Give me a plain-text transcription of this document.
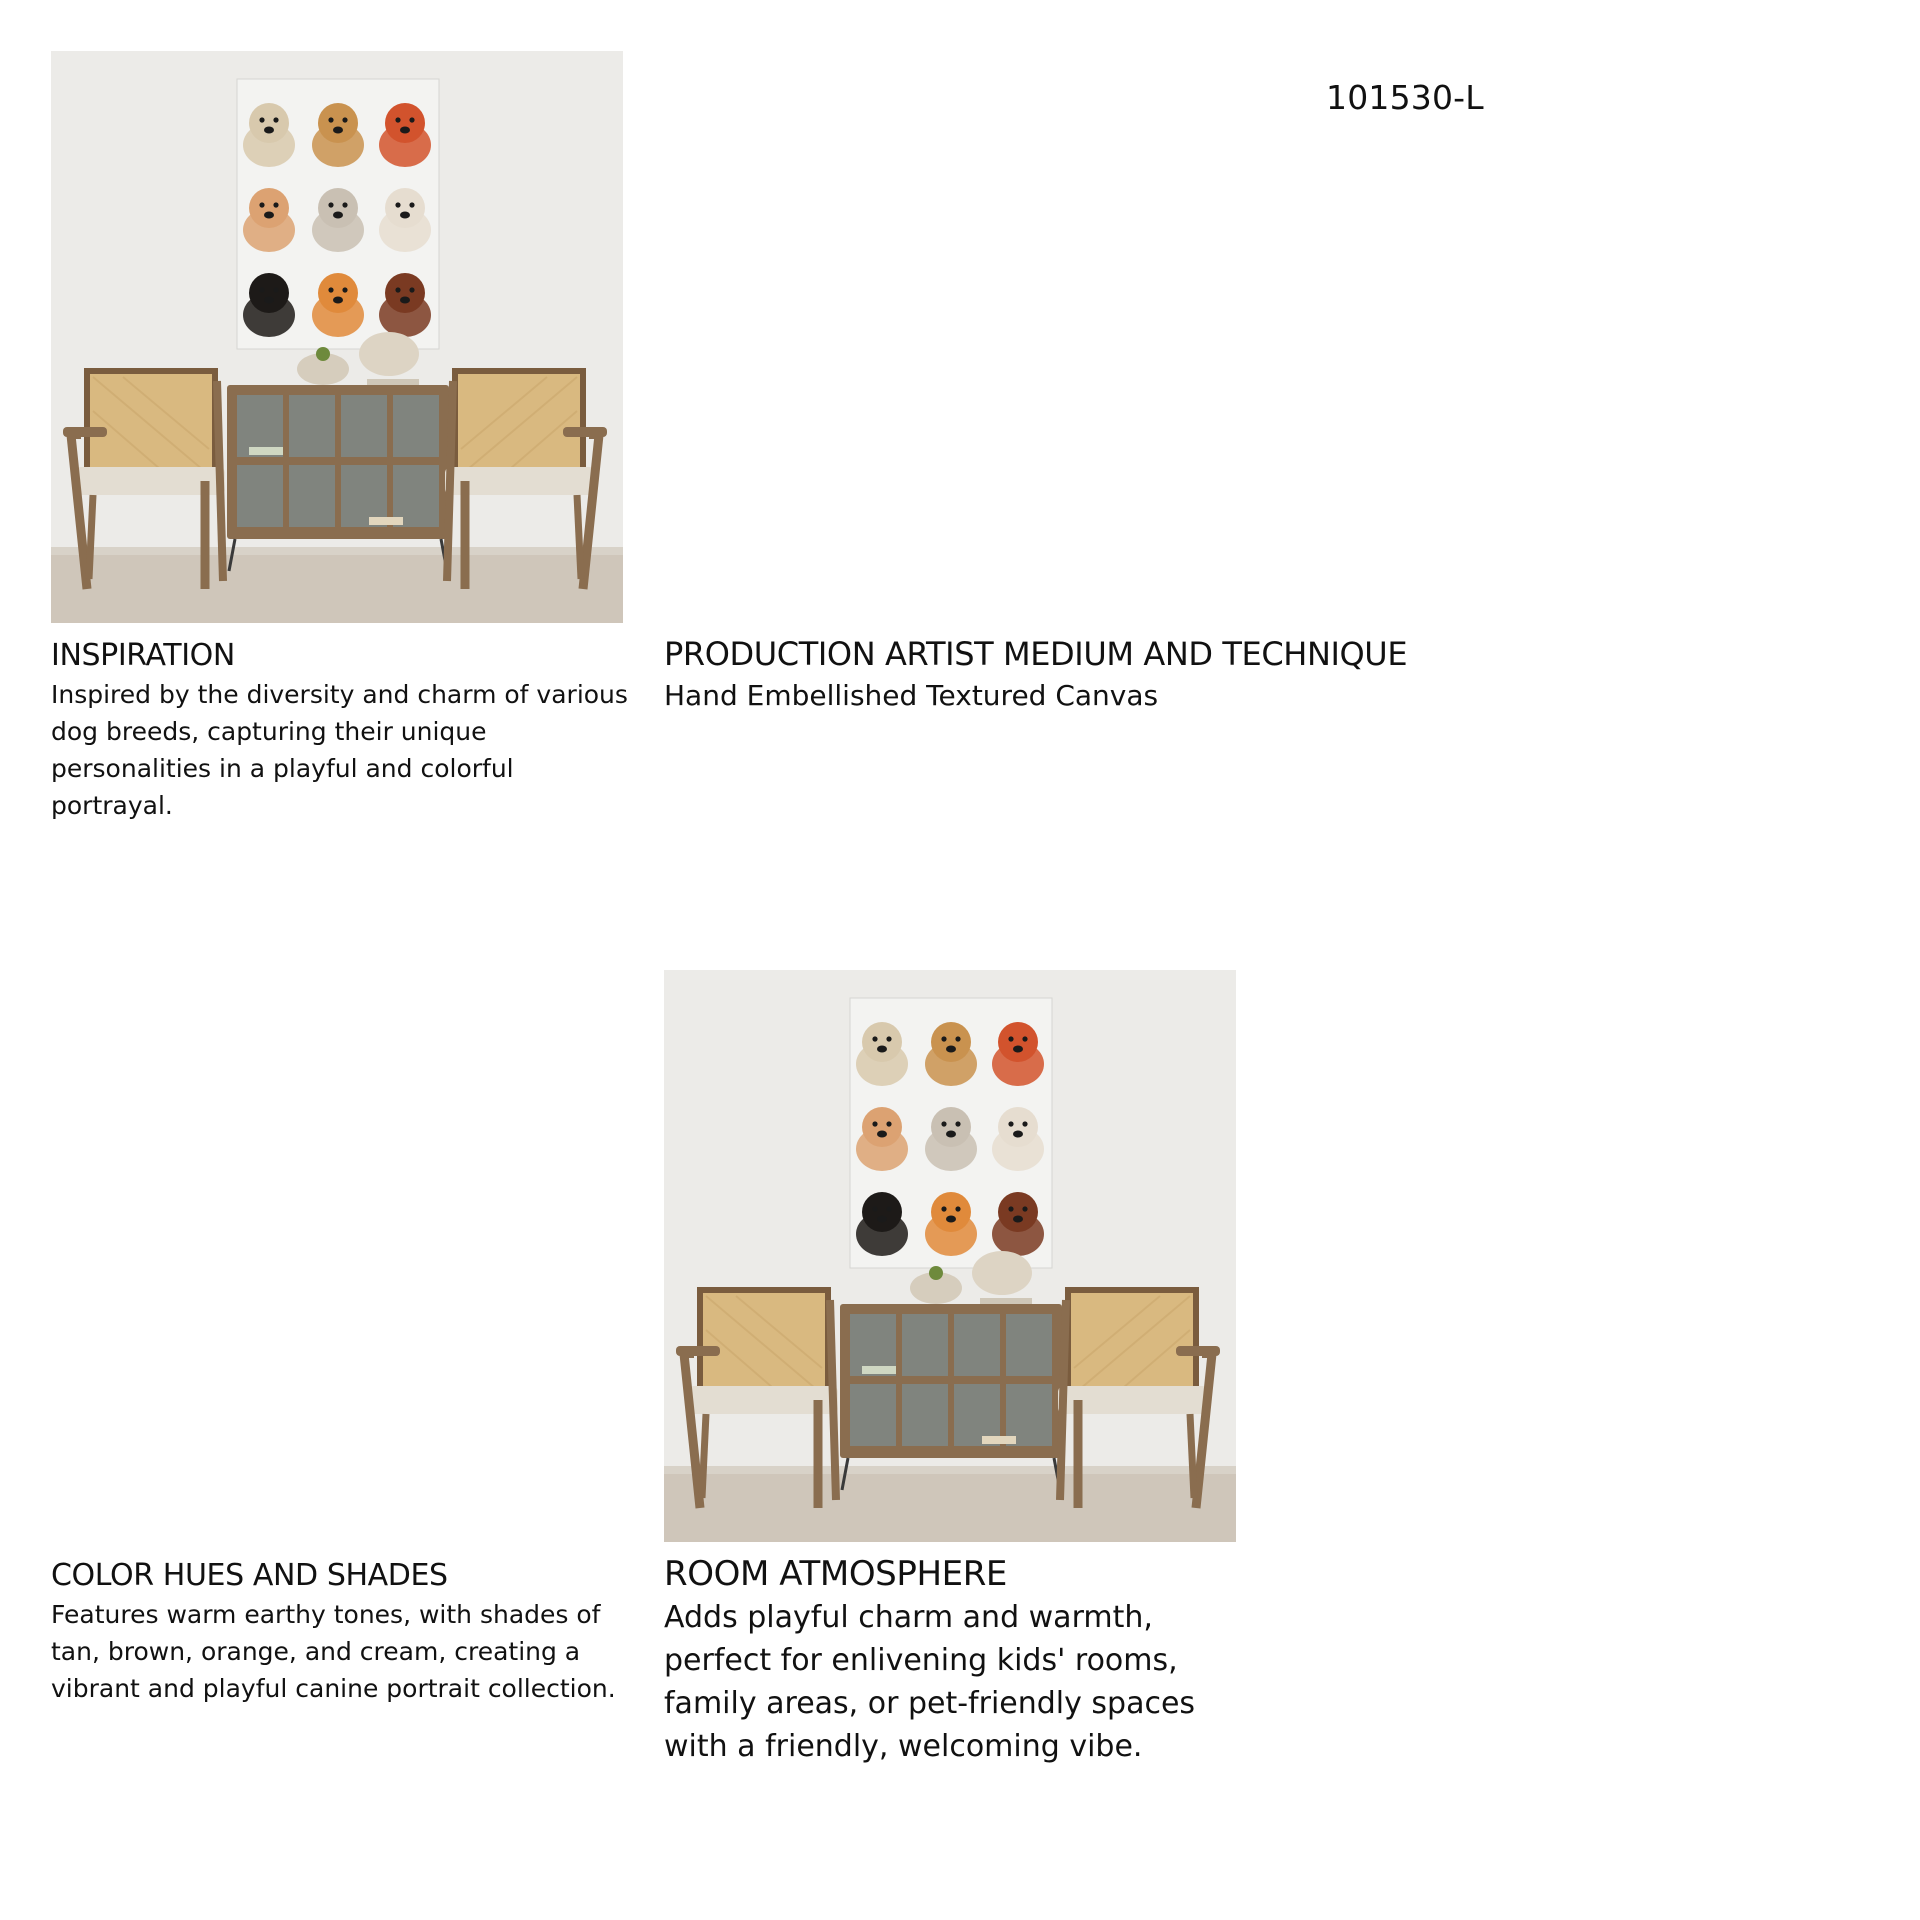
101530-L
INSPIRATION

Inspired by the diversity and charm of various dog breeds, capturing their unique personalities in a playful and colorful portrayal.

PRODUCTION ARTIST MEDIUM AND TECHNIQUE

Hand Embellished Textured Canvas

COLOR HUES AND SHADES

Features warm earthy tones, with shades of tan, brown, orange, and cream, creating a vibrant and playful canine portrait collection.

ROOM ATMOSPHERE

Adds playful charm and warmth, perfect for enlivening kids' rooms, family areas, or pet-friendly spaces with a friendly, welcoming vibe.
